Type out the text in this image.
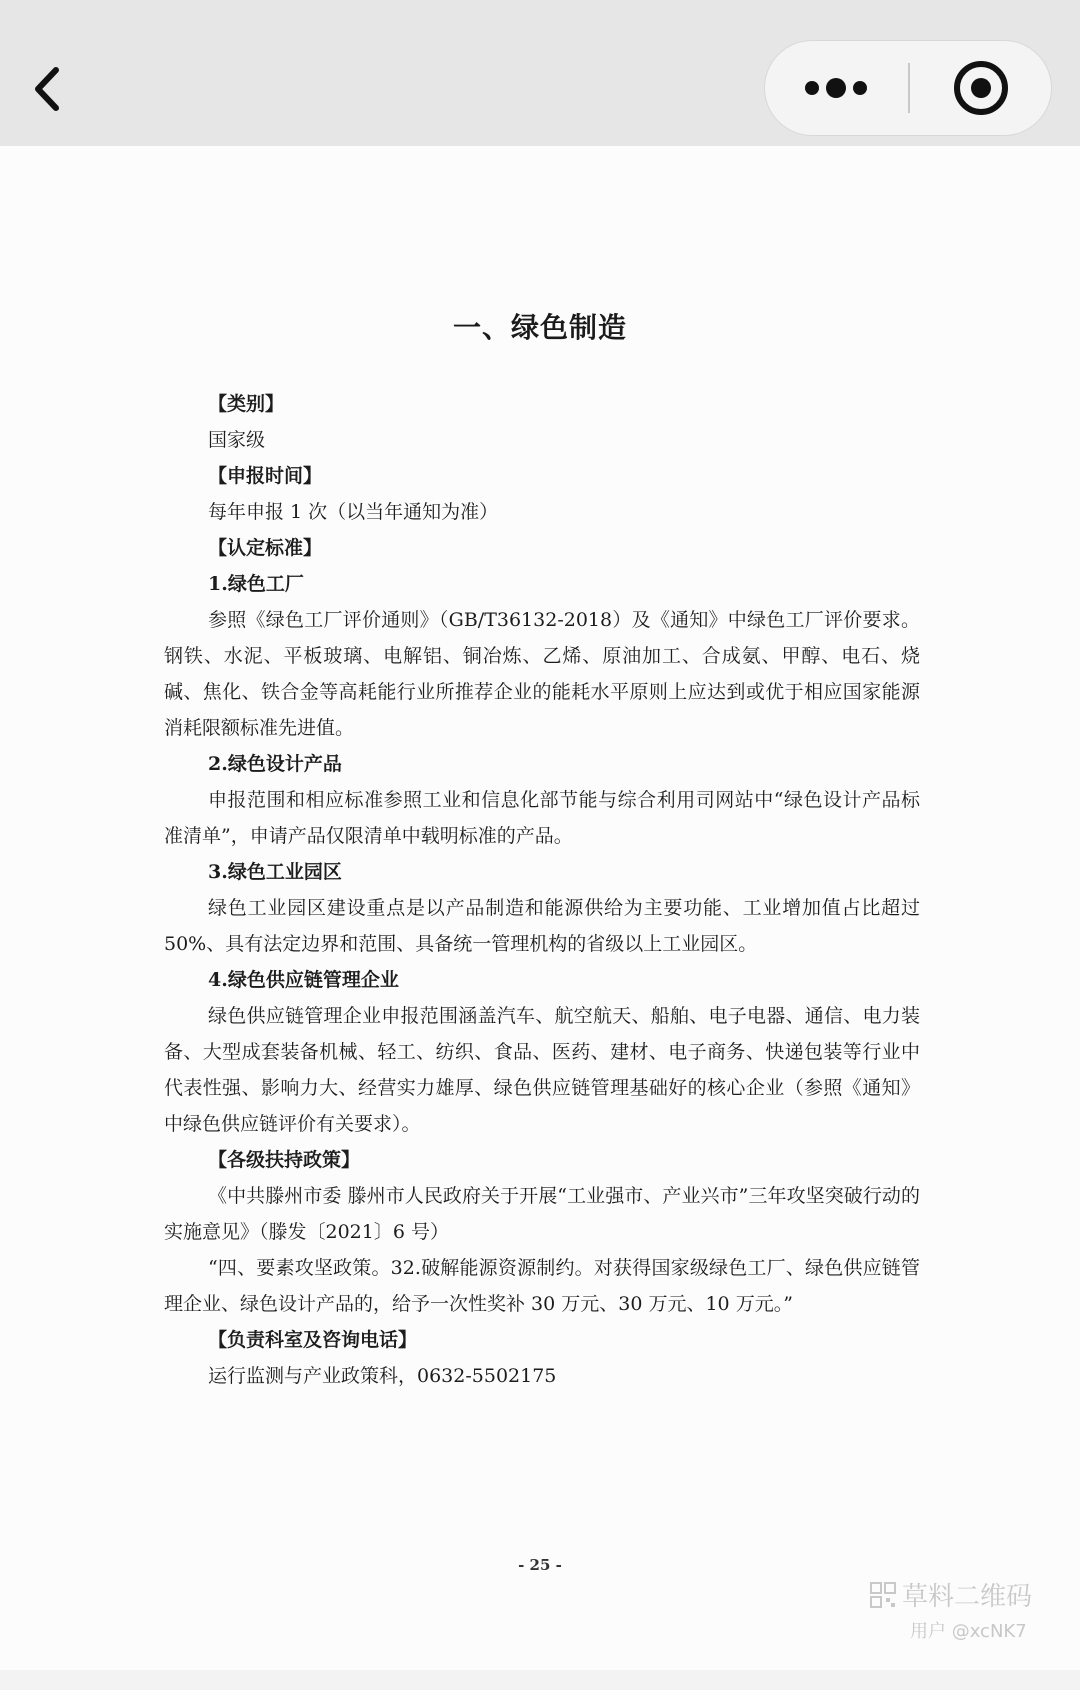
一、绿色制造

【类别】

国家级

【申报时间】

每年申报 1 次（以当年通知为准）

【认定标准】

1.绿色工厂

参照《绿色工厂评价通则》（GB/T36132-2018）及《通知》中绿色工厂评价要求。钢铁、水泥、平板玻璃、电解铝、铜冶炼、乙烯、原油加工、合成氨、甲醇、电石、烧碱、焦化、铁合金等高耗能行业所推荐企业的能耗水平原则上应达到或优于相应国家能源消耗限额标准先进值。

2.绿色设计产品

申报范围和相应标准参照工业和信息化部节能与综合利用司网站中“绿色设计产品标准清单”，申请产品仅限清单中载明标准的产品。

3.绿色工业园区

绿色工业园区建设重点是以产品制造和能源供给为主要功能、工业增加值占比超过 50%、具有法定边界和范围、具备统一管理机构的省级以上工业园区。

4.绿色供应链管理企业

绿色供应链管理企业申报范围涵盖汽车、航空航天、船舶、电子电器、通信、电力装备、大型成套装备机械、轻工、纺织、食品、医药、建材、电子商务、快递包装等行业中代表性强、影响力大、经营实力雄厚、绿色供应链管理基础好的核心企业（参照《通知》中绿色供应链评价有关要求）。

【各级扶持政策】

《中共滕州市委 滕州市人民政府关于开展“工业强市、产业兴市”三年攻坚突破行动的实施意见》（滕发〔2021〕6 号）

“四、要素攻坚政策。32.破解能源资源制约。对获得国家级绿色工厂、绿色供应链管理企业、绿色设计产品的，给予一次性奖补 30 万元、30 万元、10 万元。”

【负责科室及咨询电话】

运行监测与产业政策科，0632-5502175

- 25 -
草料二维码
用户 @xcNK7
